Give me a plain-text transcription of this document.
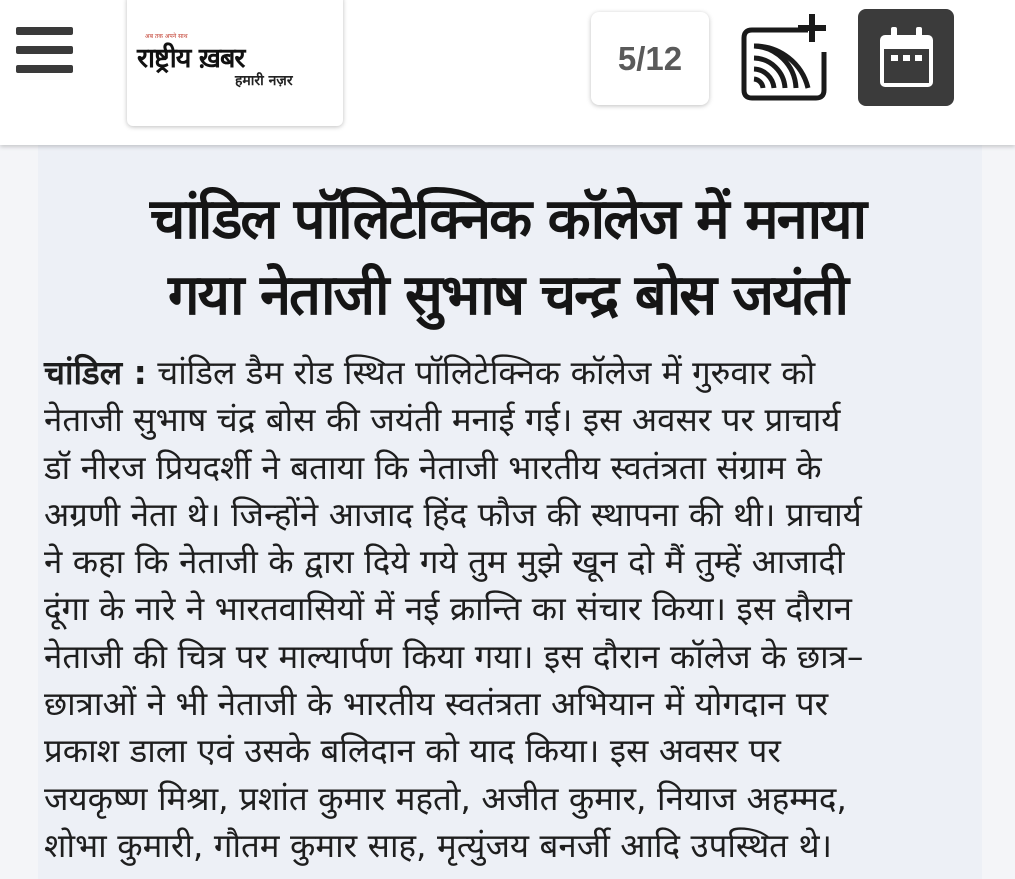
अब तक अपने साथ
राष्ट्रीय ख़बर
हमारी नज़र
5/12
चांडिल पॉलिटेक्निक कॉलेज में मनाया
गया नेताजी सुभाष चन्द्र बोस जयंती
चांडिल : चांडिल डैम रोड स्थित पॉलिटेक्निक कॉलेज में गुरुवार को
नेताजी सुभाष चंद्र बोस की जयंती मनाई गई। इस अवसर पर प्राचार्य
डॉ नीरज प्रियदर्शी ने बताया कि नेताजी भारतीय स्वतंत्रता संग्राम के
अग्रणी नेता थे। जिन्होंने आजाद हिंद फौज की स्थापना की थी। प्राचार्य
ने कहा कि नेताजी के द्वारा दिये गये तुम मुझे खून दो मैं तुम्हें आजादी
दूंगा के नारे ने भारतवासियों में नई क्रान्ति का संचार किया। इस दौरान
नेताजी की चित्र पर माल्यार्पण किया गया। इस दौरान कॉलेज के छात्र–
छात्राओं ने भी नेताजी के भारतीय स्वतंत्रता अभियान में योगदान पर
प्रकाश डाला एवं उसके बलिदान को याद किया। इस अवसर पर
जयकृष्ण मिश्रा, प्रशांत कुमार महतो, अजीत कुमार, नियाज अहम्मद,
शोभा कुमारी, गौतम कुमार साह, मृत्युंजय बनर्जी आदि उपस्थित थे।
